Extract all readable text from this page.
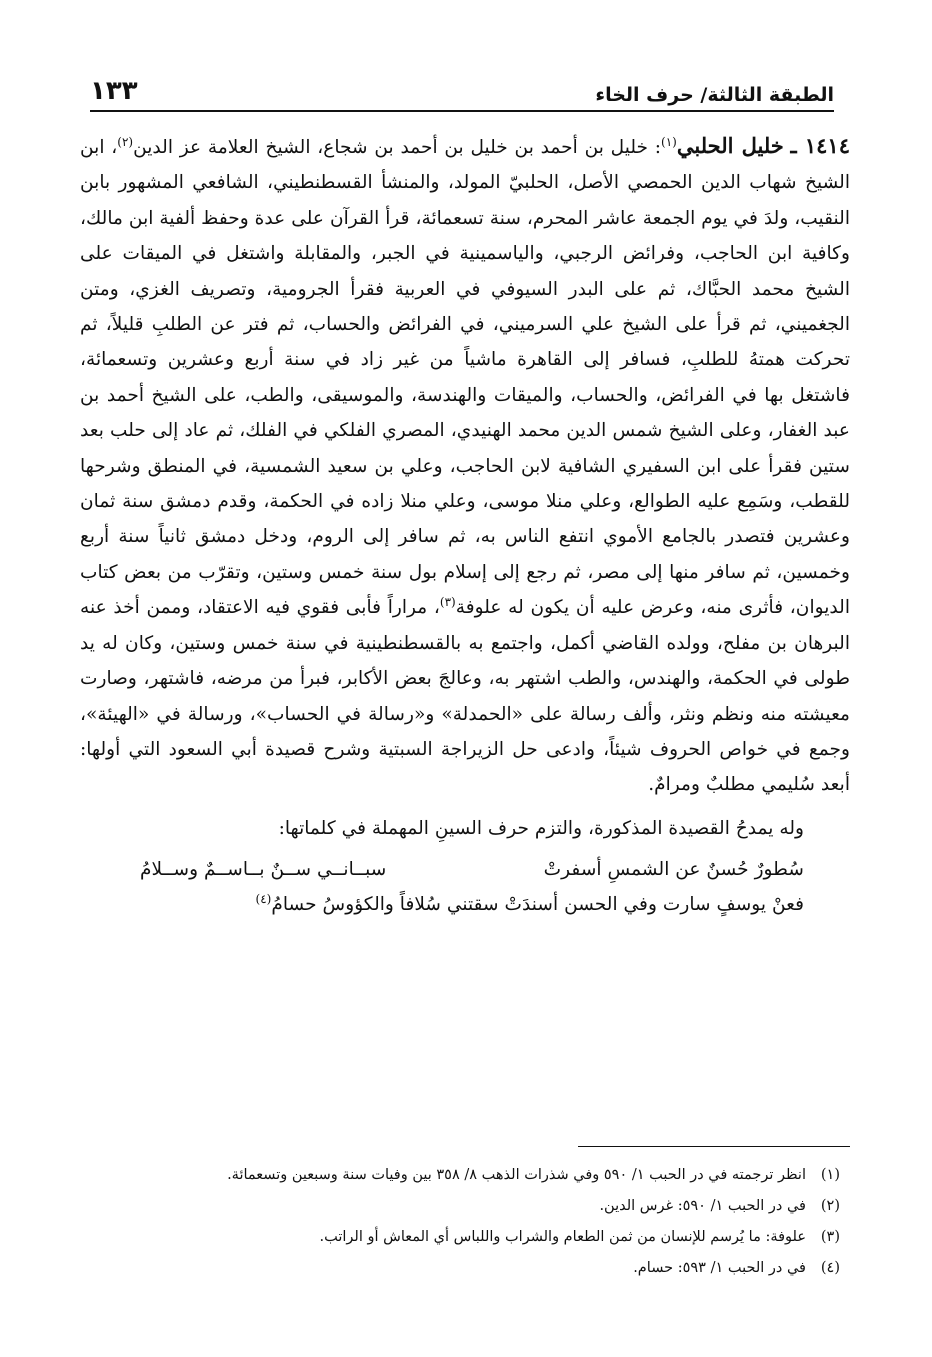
الطبقة الثالثة/ حرف الخاء
١٣٣

١٤١٤ ـ خليل الحلبي$^{(١)}$: خليل بن أحمد بن خليل بن أحمد بن شجاع، الشيخ العلامة عز الدين$^{(٢)}$، ابن الشيخ شهاب الدين الحمصي الأصل، الحلبيّ المولد، والمنشأ القسطنطيني، الشافعي المشهور بابن النقيب، ولدَ في يوم الجمعة عاشر المحرم، سنة تسعمائة، قرأ القرآن على عدة وحفظ ألفية ابن مالك، وكافية ابن الحاجب، وفرائض الرجبي، والياسمينية في الجبر، والمقابلة واشتغل في الميقات على الشيخ محمد الحبَّاك، ثم على البدر السيوفي في العربية فقرأ الجرومية، وتصريف الغزي، ومتن الجغميني، ثم قرأ على الشيخ علي السرميني، في الفرائض والحساب، ثم فتر عن الطلبِ قليلاً، ثم تحركت همتهُ للطلبِ، فسافر إلى القاهرة ماشياً من غير زاد في سنة أربع وعشرين وتسعمائة، فاشتغل بها في الفرائض، والحساب، والميقات والهندسة، والموسيقى، والطب، على الشيخ أحمد بن عبد الغفار، وعلى الشيخ شمس الدين محمد الهنيدي، المصري الفلكي في الفلك، ثم عاد إلى حلب بعد ستين فقرأ على ابن السفيري الشافية لابن الحاجب، وعلي بن سعيد الشمسية، في المنطق وشرحها للقطب، وسَمِع عليه الطوالع، وعلي منلا موسى، وعلي منلا زاده في الحكمة، وقدم دمشق سنة ثمان وعشرين فتصدر بالجامع الأموي انتفع الناس به، ثم سافر إلى الروم، ودخل دمشق ثانياً سنة أربع وخمسين، ثم سافر منها إلى مصر، ثم رجع إلى إسلام بول سنة خمس وستين، وتقرّب من بعض كتاب الديوان، فأثرى منه، وعرض عليه أن يكون له علوفة$^{(٣)}$، مراراً فأبى فقوي فيه الاعتقاد، وممن أخذ عنه البرهان بن مفلح، وولده القاضي أكمل، واجتمع به بالقسطنطينية في سنة خمس وستين، وكان له يد طولى في الحكمة، والهندس، والطب اشتهر به، وعالجَ بعض الأكابر، فبرأ من مرضه، فاشتهر، وصارت معيشته منه ونظم ونثر، وألف رسالة على «الحمدلة» و«رسالة في الحساب»، ورسالة في «الهيئة»، وجمع في خواص الحروف شيئاً، وادعى حل الزيراجة السبتية وشرح قصيدة أبي السعود التي أولها: أبعد سُليمي مطلبٌ ومرامٌ.

وله يمدحُ القصيدة المذكورة، والتزم حرف السينِ المهملة في كلماتها:

سُطورٌ حُسنٌ عن الشمسِ أسفرتْ
سبــانــي ســنٌ بــاســمٌ وســلامُ
فعنْ يوسفٍ سارت وفي الحسن أسندَتْ سقتني سُلافاً والكؤوسُ حسامُ$^{(٤)}$
(١)
انظر ترجمته في در الحبب ١/ ٥٩٠ وفي شذرات الذهب ٨/ ٣٥٨ بين وفيات سنة وسبعين وتسعمائة.
(٢)
في در الحبب ١/ ٥٩٠: غرس الدين.
(٣)
علوفة: ما يُرسم للإنسان من ثمن الطعام والشراب واللباس أي المعاش أو الراتب.
(٤)
في در الحبب ١/ ٥٩٣: حسام.
